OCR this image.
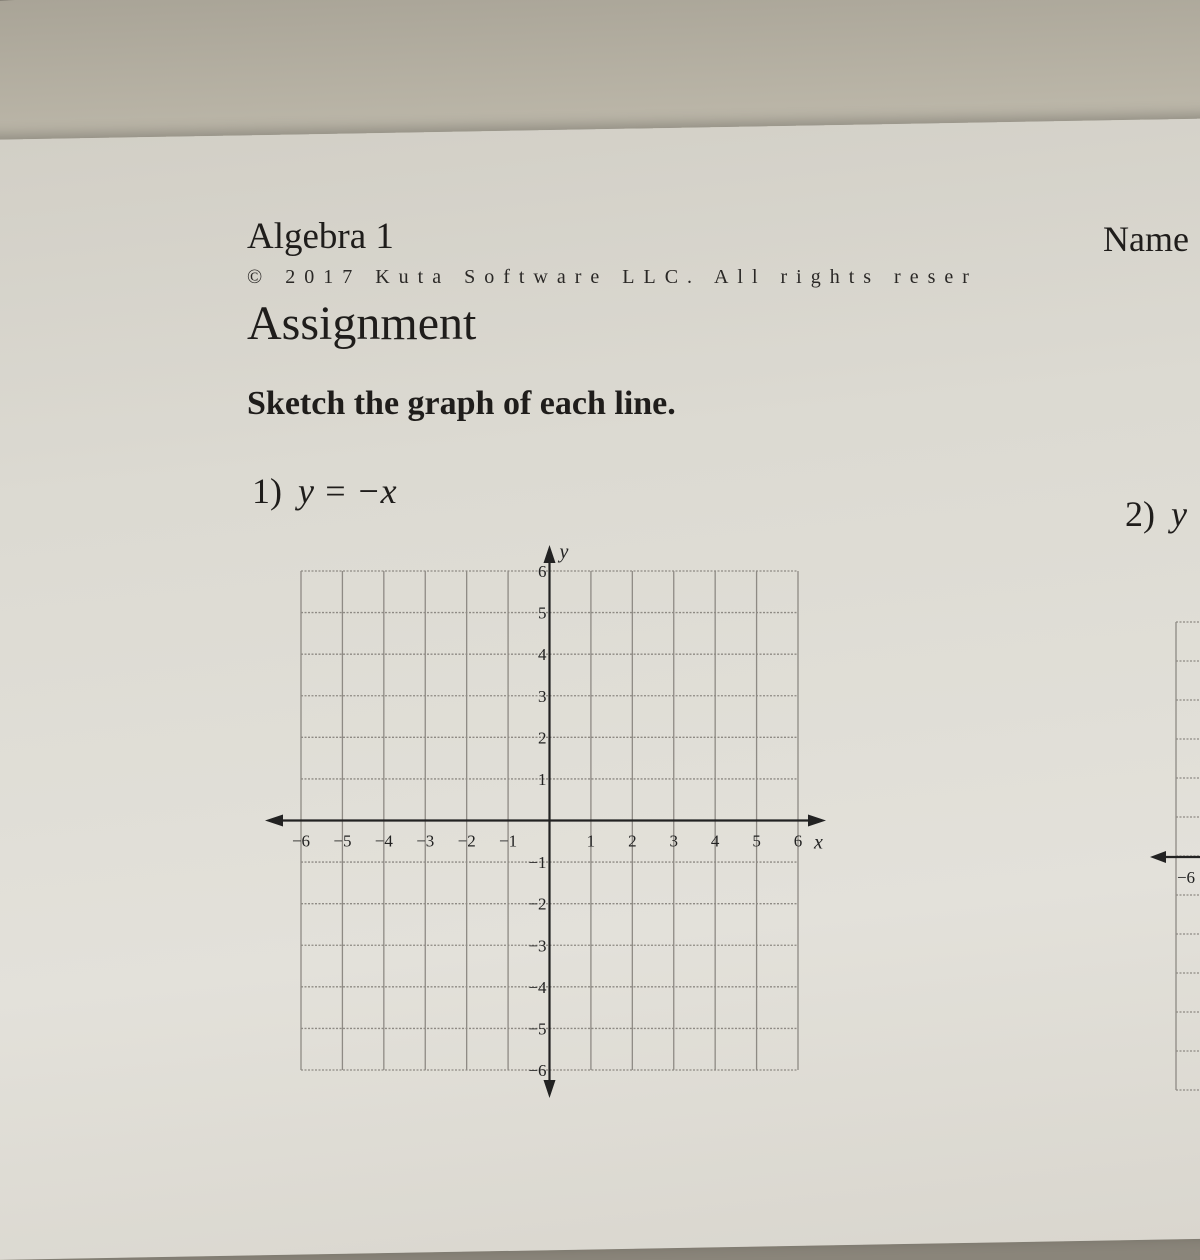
Algebra 1	Name
© 2017 Kuta Software LLC. All rights reser
Assignment
Sketch the graph of each line.
1) y = −x
2) y
x
y
−6 −5 −4 −3 −2 −1	1 2 3 4 5 6
6
5
4
3
2
1
−1
−2
−3
−4
−5
−6
−6
